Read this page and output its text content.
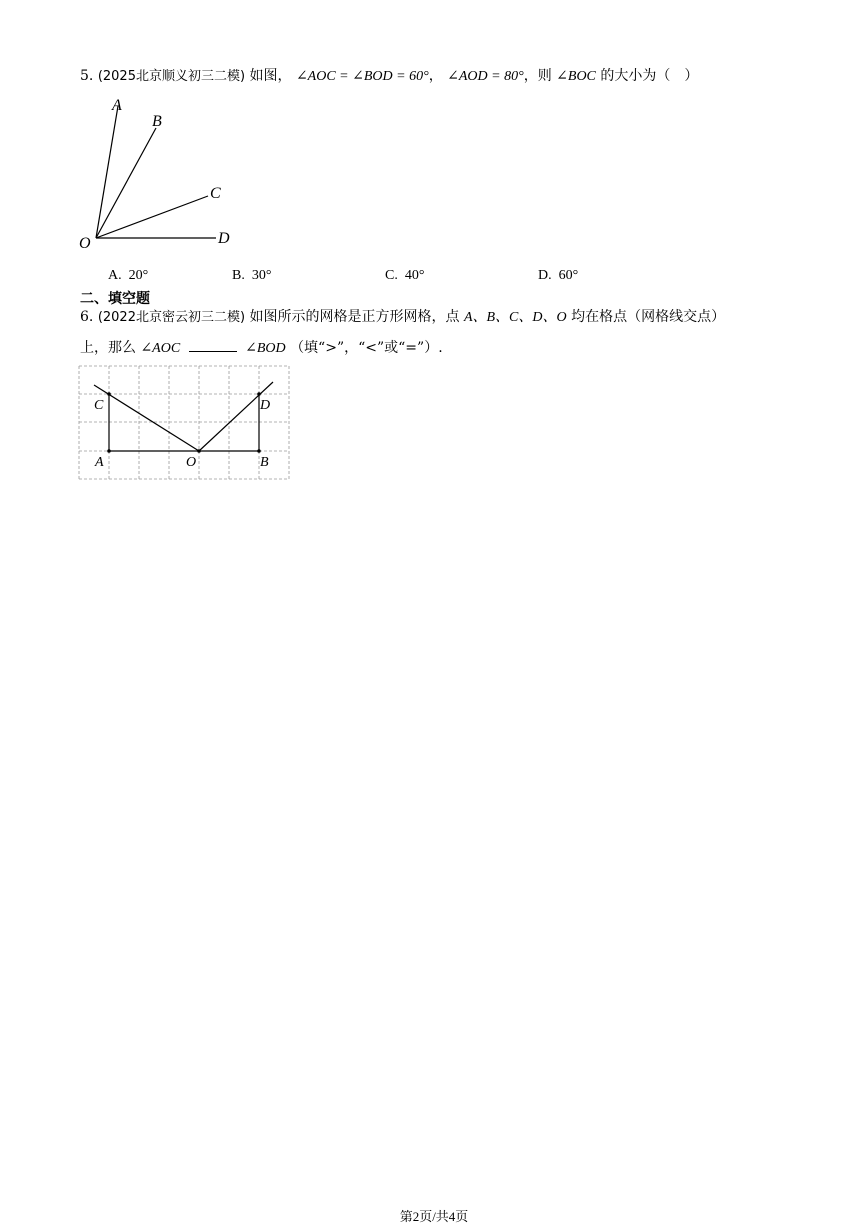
5. (2025北京顺义初三二模) 如图， ∠AOC = ∠BOD = 60°， ∠AOD = 80°，则 ∠BOC 的大小为（　）
A
B
C
D
O
A. 20°	B. 30°	C. 40°	D. 60°
二、填空题
6. (2022北京密云初三二模) 如图所示的网格是正方形网格，点 A、B、C、D、O 均在格点（网格线交点）
上，那么 ∠AOC	∠BOD （填“>”，“<”或“=”）.
C	D
A	O	B
第2页/共4页
